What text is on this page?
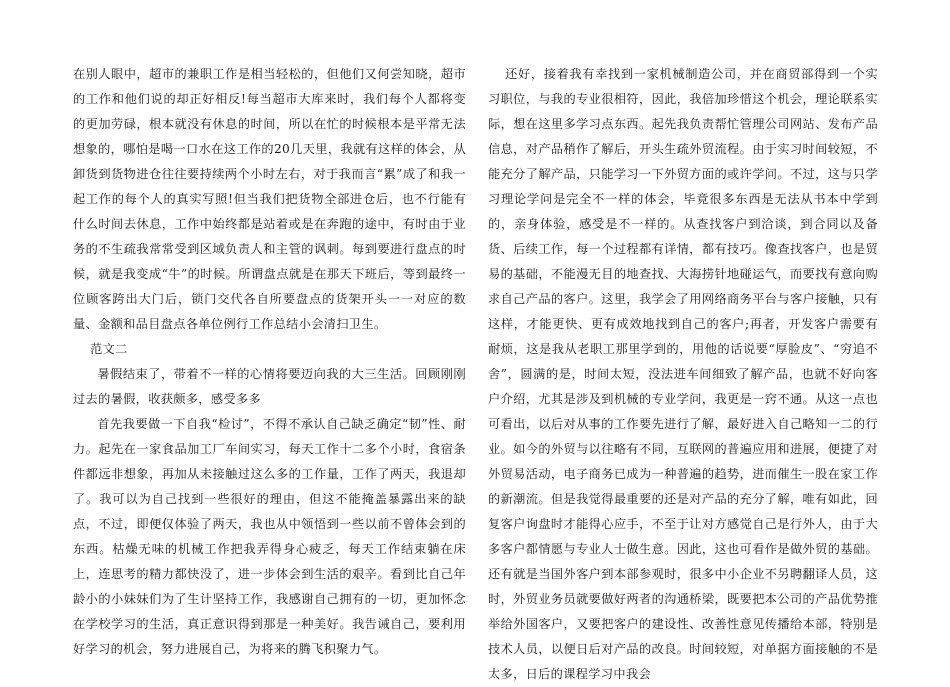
在别人眼中，超市的兼职工作是相当轻松的，但他们又何尝知晓，超市的工作和他们说的却正好相反!每当超市大库来时，我们每个人都将变的更加劳碌，根本就没有休息的时间，所以在忙的时候根本是平常无法想象的，哪怕是喝一口水在这工作的20几天里，我就有这样的体会，从卸货到货物进仓往往要持续两个小时左右，对于我而言“累”成了和我一起工作的每个人的真实写照!但当我们把货物全部进仓后，也不行能有什么时间去休息，工作中始终都是站着或是在奔跑的途中，有时由于业务的不生疏我常常受到区域负责人和主管的讽刺。每到要进行盘点的时候，就是我变成“牛”的时候。所谓盘点就是在那天下班后，等到最终一位顾客跨出大门后，锁门交代各自所要盘点的货架开头一一对应的数量、金额和品目盘点各单位例行工作总结小会清扫卫生。

范文二

暑假结束了，带着不一样的心情将要迈向我的大三生活。回顾刚刚过去的暑假，收获颇多，感受多多

首先我要做一下自我“检讨”，不得不承认自己缺乏确定“韧”性、耐力。起先在一家食品加工厂车间实习，每天工作十二多个小时，食宿条件都远非想象，再加从未接触过这么多的工作量，工作了两天，我退却了。我可以为自己找到一些很好的理由，但这不能掩盖暴露出来的缺点，不过，即便仅体验了两天，我也从中领悟到一些以前不曾体会到的东西。枯燥无味的机械工作把我弄得身心疲乏，每天工作结束躺在床上，连思考的精力都快没了，进一步体会到生活的艰辛。看到比自己年龄小的小妹妹们为了生计坚持工作，我感谢自己拥有的一切，更加怀念在学校学习的生活，真正意识得到那是一种美好。我告诫自己，要利用好学习的机会，努力进展自己，为将来的腾飞积聚力气。

还好，接着我有幸找到一家机械制造公司，并在商贸部得到一个实习职位，与我的专业很相符，因此，我倍加珍惜这个机会，理论联系实际，想在这里多学习点东西。起先我负责帮忙管理公司网站、发布产品信息，对产品稍作了解后，开头生疏外贸流程。由于实习时间较短，不能充分了解产品，只能学习一下外贸方面的或许学问。不过，这与只学习理论学问是完全不一样的体会，毕竟很多东西是无法从书本中学到的，亲身体验，感受是不一样的。从查找客户到洽谈，到合同以及备货、后续工作，每一个过程都有详情，都有技巧。像查找客户，也是贸易的基础，不能漫无目的地查找、大海捞针地碰运气，而要找有意向购求自己产品的客户。这里，我学会了用网络商务平台与客户接触，只有这样，才能更快、更有成效地找到自己的客户;再者，开发客户需要有耐烦，这是我从老职工那里学到的，用他的话说要“厚脸皮”、“穷追不舍”，圆满的是，时间太短，没法进车间细致了解产品，也就不好向客户介绍，尤其是涉及到机械的专业学问，我更是一窍不通。从这一点也可看出，以后对从事的工作要先进行了解，最好进入自己略知一二的行业。如今的外贸与以往略有不同，互联网的普遍应用和进展，便捷了对外贸易活动，电子商务已成为一种普遍的趋势，进而催生一股在家工作的新潮流。但是我觉得最重要的还是对产品的充分了解，唯有如此，回复客户询盘时才能得心应手，不至于让对方感觉自己是行外人，由于大多客户都情愿与专业人士做生意。因此，这也可看作是做外贸的基础。还有就是当国外客户到本部参观时，很多中小企业不另聘翻译人员，这时，外贸业务员就要做好两者的沟通桥梁，既要把本公司的产品优势推举给外国客户，又要把客户的建设性、改善性意见传播给本部，特别是技术人员，以便日后对产品的改良。时间较短，对单据方面接触的不是太多，日后的课程学习中我会
